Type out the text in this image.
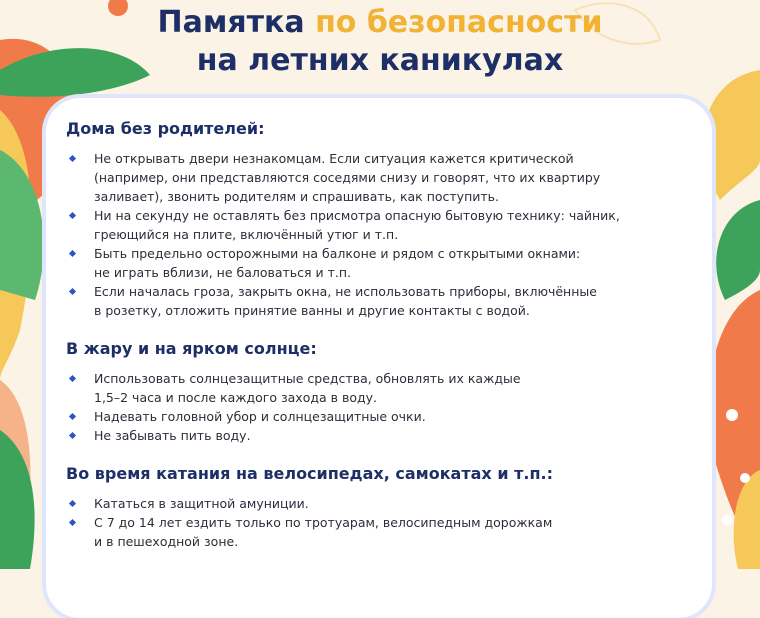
Памятка по безопасности
на летних каникулах
Дома без родителей:
Не открывать двери незнакомцам. Если ситуация кажется критической
(например, они представляются соседями снизу и говорят, что их квартиру
заливает), звонить родителям и спрашивать, как поступить.
Ни на секунду не оставлять без присмотра опасную бытовую технику: чайник,
греющийся на плите, включённый утюг и т.п.
Быть предельно осторожными на балконе и рядом с открытыми окнами:
не играть вблизи, не баловаться и т.п.
Если началась гроза, закрыть окна, не использовать приборы, включённые
в розетку, отложить принятие ванны и другие контакты с водой.
В жару и на ярком солнце:
Использовать солнцезащитные средства, обновлять их каждые
1,5–2 часа и после каждого захода в воду.
Надевать головной убор и солнцезащитные очки.
Не забывать пить воду.
Во время катания на велосипедах, самокатах и т.п.:
Кататься в защитной амуниции.
С 7 до 14 лет ездить только по тротуарам, велосипедным дорожкам
и в пешеходной зоне.
